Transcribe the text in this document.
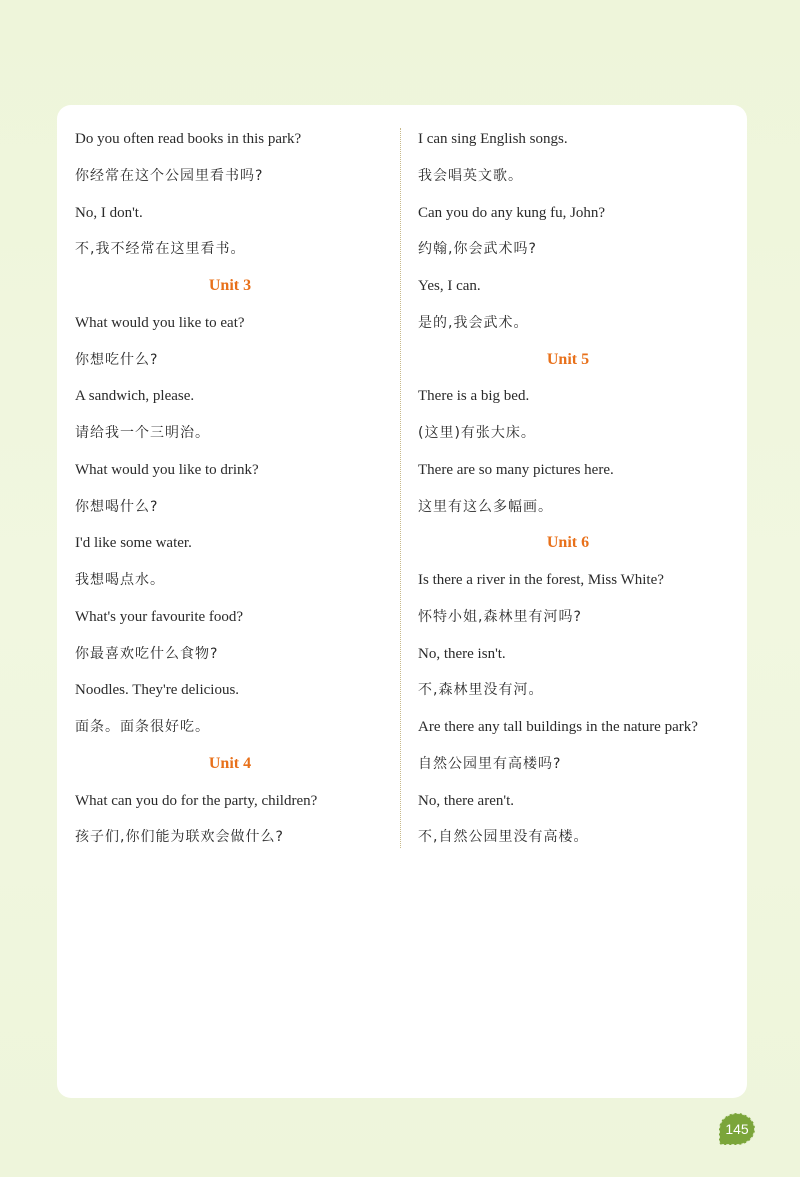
Do you often read books in this park?
你经常在这个公园里看书吗?
No, I don't.
不,我不经常在这里看书。
Unit 3
What would you like to eat?
你想吃什么?
A sandwich, please.
请给我一个三明治。
What would you like to drink?
你想喝什么?
I'd like some water.
我想喝点水。
What's your favourite food?
你最喜欢吃什么食物?
Noodles. They're delicious.
面条。面条很好吃。
Unit 4
What can you do for the party, children?
孩子们,你们能为联欢会做什么?
I can sing English songs.
我会唱英文歌。
Can you do any kung fu, John?
约翰,你会武术吗?
Yes, I can.
是的,我会武术。
Unit 5
There is a big bed.
(这里)有张大床。
There are so many pictures here.
这里有这么多幅画。
Unit 6
Is there a river in the forest, Miss White?
怀特小姐,森林里有河吗?
No, there isn't.
不,森林里没有河。
Are there any tall buildings in the nature park?
自然公园里有高楼吗?
No, there aren't.
不,自然公园里没有高楼。
145
